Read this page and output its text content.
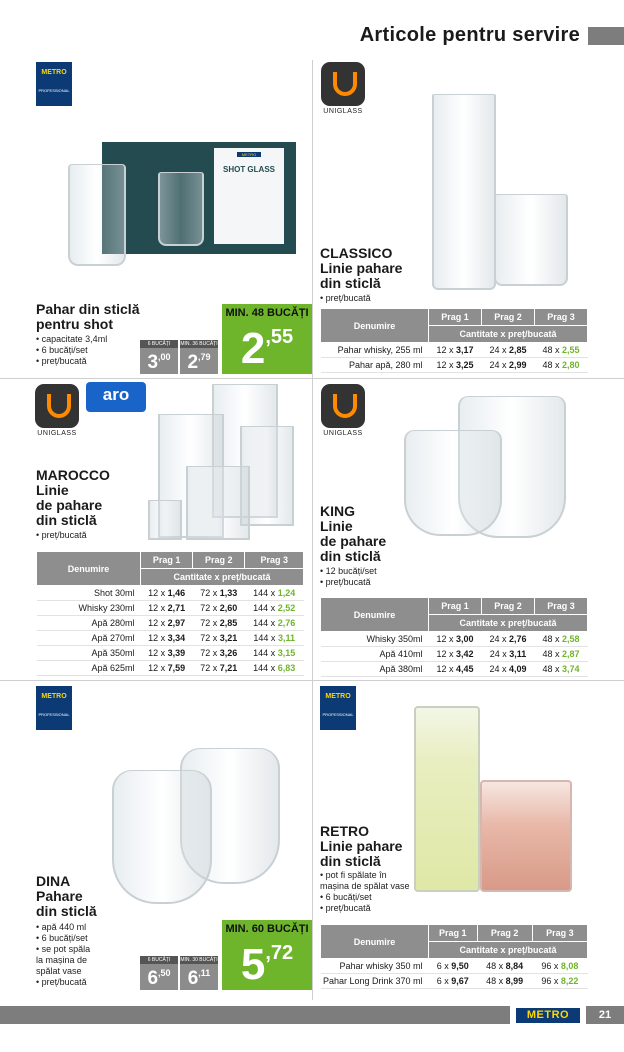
Articole pentru servire
METRO
PROFESSIONAL
METRO
SHOT GLASS
Pahar din sticlă
pentru shot
• capacitate 3,4ml
• 6 bucăți/set
• preț/bucată
MIN. 48 BUCĂȚI
$2^{,55}$
6 BUCĂȚI
$3^{,00}$
MIN. 36 BUCĂȚI
$2^{,79}$
UNIGLASS
CLASSICO
Linie pahare
din sticlă
• preț/bucată
Denumire	Prag 1	Prag 2	Prag 3
	Cantitate x preț/bucată		
Pahar whisky, 255 ml	12 x 3,17	24 x 2,85	48 x 2,55
Pahar apă, 280 ml	12 x 3,25	24 x 2,99	48 x 2,80
UNIGLASS
aro
MAROCCO
Linie
de pahare
din sticlă
• preț/bucată
Denumire	Prag 1	Prag 2	Prag 3
	Cantitate x preț/bucată		
Shot 30ml	12 x 1,46	72 x 1,33	144 x 1,24
Whisky 230ml	12 x 2,71	72 x 2,60	144 x 2,52
Apă 280ml	12 x 2,97	72 x 2,85	144 x 2,76
Apă 270ml	12 x 3,34	72 x 3,21	144 x 3,11
Apă 350ml	12 x 3,39	72 x 3,26	144 x 3,15
Apă 625ml	12 x 7,59	72 x 7,21	144 x 6,83
UNIGLASS
KING
Linie
de pahare
din sticlă
• 12 bucăți/set
• preț/bucată
Denumire	Prag 1	Prag 2	Prag 3
	Cantitate x preț/bucată		
Whisky 350ml	12 x 3,00	24 x 2,76	48 x 2,58
Apă 410ml	12 x 3,42	24 x 3,11	48 x 2,87
Apă 380ml	12 x 4,45	24 x 4,09	48 x 3,74
METRO
PROFESSIONAL
DINA
Pahare
din sticlă
• apă 440 ml
• 6 bucăți/set
• se pot spăla
la mașina de
spălat vase
• preț/bucată
MIN. 60 BUCĂȚI
$5^{,72}$
6 BUCĂȚI
$6^{,50}$
MIN. 30 BUCĂȚI
$6^{,11}$
METRO
PROFESSIONAL
RETRO
Linie pahare
din sticlă
• pot fi spălate în
mașina de spălat vase
• 6 bucăți/set
• preț/bucată
Denumire	Prag 1	Prag 2	Prag 3
	Cantitate x preț/bucată		
Pahar whisky 350 ml	6 x 9,50	48 x 8,84	96 x 8,08
Pahar Long Drink 370 ml	6 x 9,67	48 x 8,99	96 x 8,22
METRO	21
